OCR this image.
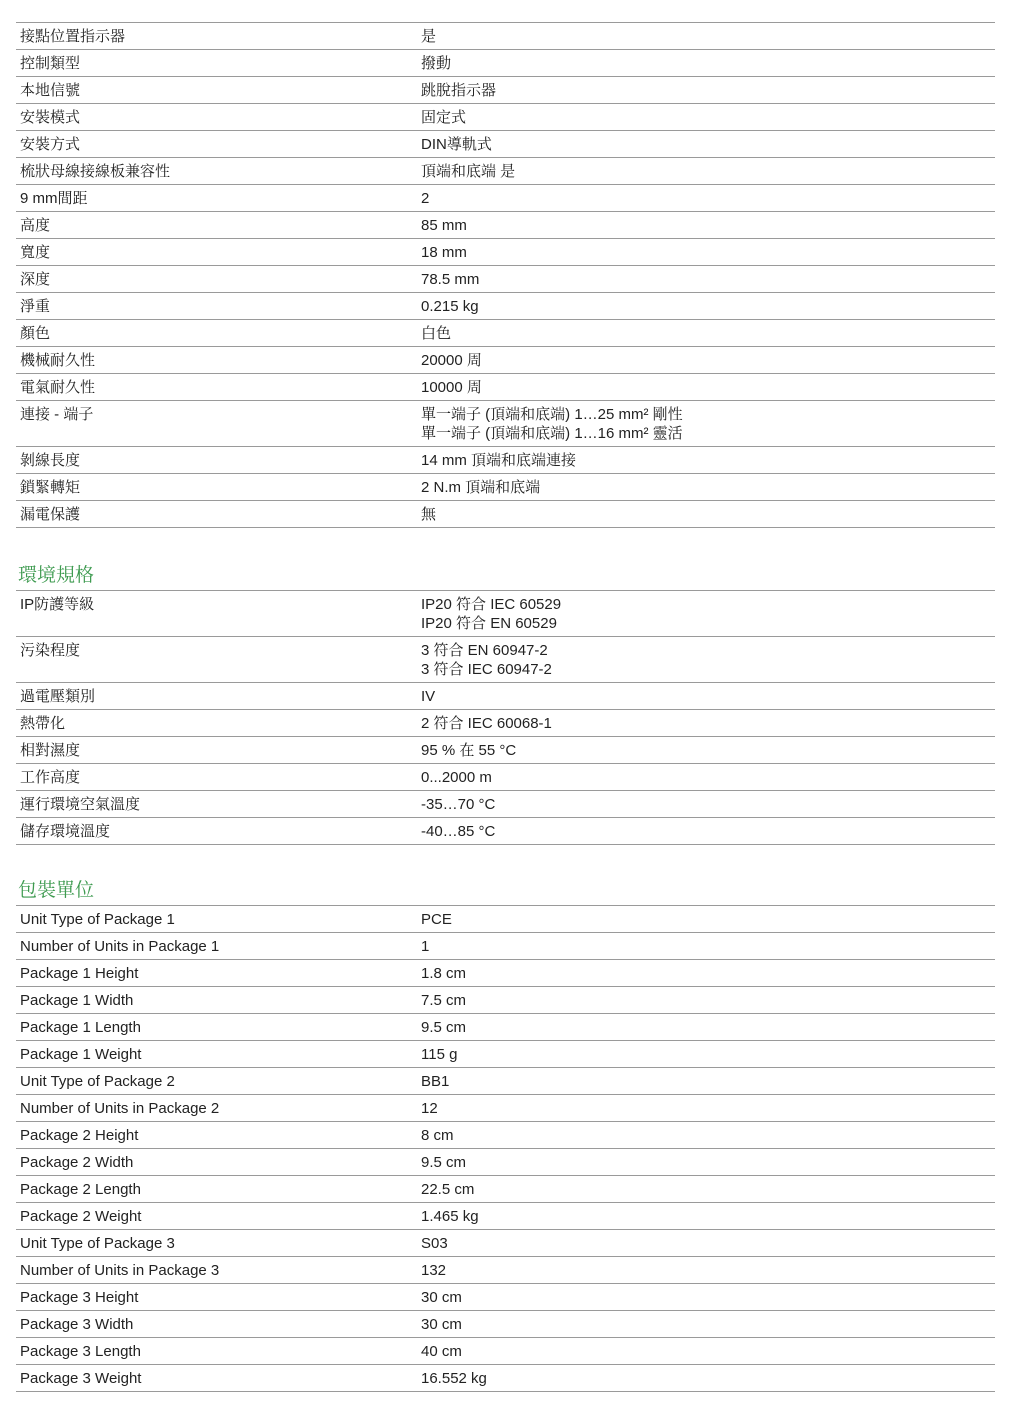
接點位置指示器	是
控制類型	撥動
本地信號	跳脫指示器
安裝模式	固定式
安裝方式	DIN導軌式
梳狀母線接線板兼容性	頂端和底端 是
9 mm間距	2
高度	85 mm
寬度	18 mm
深度	78.5 mm
淨重	0.215 kg
顏色	白色
機械耐久性	20000 周
電氣耐久性	10000 周
連接 - 端子	單一端子 (頂端和底端) 1…25 mm² 剛性
單一端子 (頂端和底端) 1…16 mm² 靈活
剝線長度	14 mm 頂端和底端連接
鎖緊轉矩	2 N.m 頂端和底端
漏電保護	無
環境規格
IP防護等級	IP20 符合 IEC 60529
IP20 符合 EN 60529
污染程度	3 符合 EN 60947-2
3 符合 IEC 60947-2
過電壓類別	IV
熱帶化	2 符合 IEC 60068-1
相對濕度	95 % 在 55 °C
工作高度	0...2000 m
運行環境空氣溫度	-35…70 °C
儲存環境溫度	-40…85 °C
包裝單位
Unit Type of Package 1	PCE
Number of Units in Package 1	1
Package 1 Height	1.8 cm
Package 1 Width	7.5 cm
Package 1 Length	9.5 cm
Package 1 Weight	115 g
Unit Type of Package 2	BB1
Number of Units in Package 2	12
Package 2 Height	8 cm
Package 2 Width	9.5 cm
Package 2 Length	22.5 cm
Package 2 Weight	1.465 kg
Unit Type of Package 3	S03
Number of Units in Package 3	132
Package 3 Height	30 cm
Package 3 Width	30 cm
Package 3 Length	40 cm
Package 3 Weight	16.552 kg
